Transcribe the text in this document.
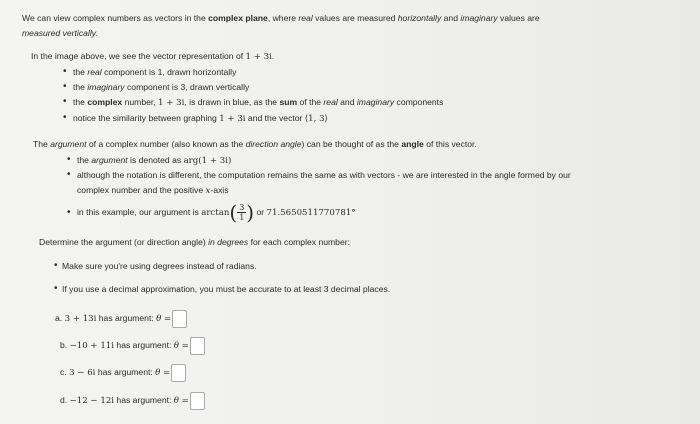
We can view complex numbers as vectors in the complex plane, where real values are measured horizontally and imaginary values are
measured vertically.
In the image above, we see the vector representation of 1 + 3i.
• the real component is 1, drawn horizontally
• the imaginary component is 3, drawn vertically
• the complex number, 1 + 3i, is drawn in blue, as the sum of the real and imaginary components
• notice the similarity between graphing 1 + 3i and the vector ⟨1, 3⟩
The argument of a complex number (also known as the direction angle) can be thought of as the angle of this vector.
• the argument is denoted as arg(1 + 3i)
• although the notation is different, the computation remains the same as with vectors - we are interested in the angle formed by our
complex number and the positive x-axis
• in this example, our argument is $\arctan( \frac{3}{1}$ ) or 71.5650511770781°
Determine the argument (or direction angle) in degrees for each complex number:
• Make sure you're using degrees instead of radians.
• If you use a decimal approximation, you must be accurate to at least 3 decimal places.
a. 3 + 13i has argument: θ =
b. −10 + 11i has argument: θ =
c. 3 − 6i has argument: θ =
d. −12 − 12i has argument: θ =
